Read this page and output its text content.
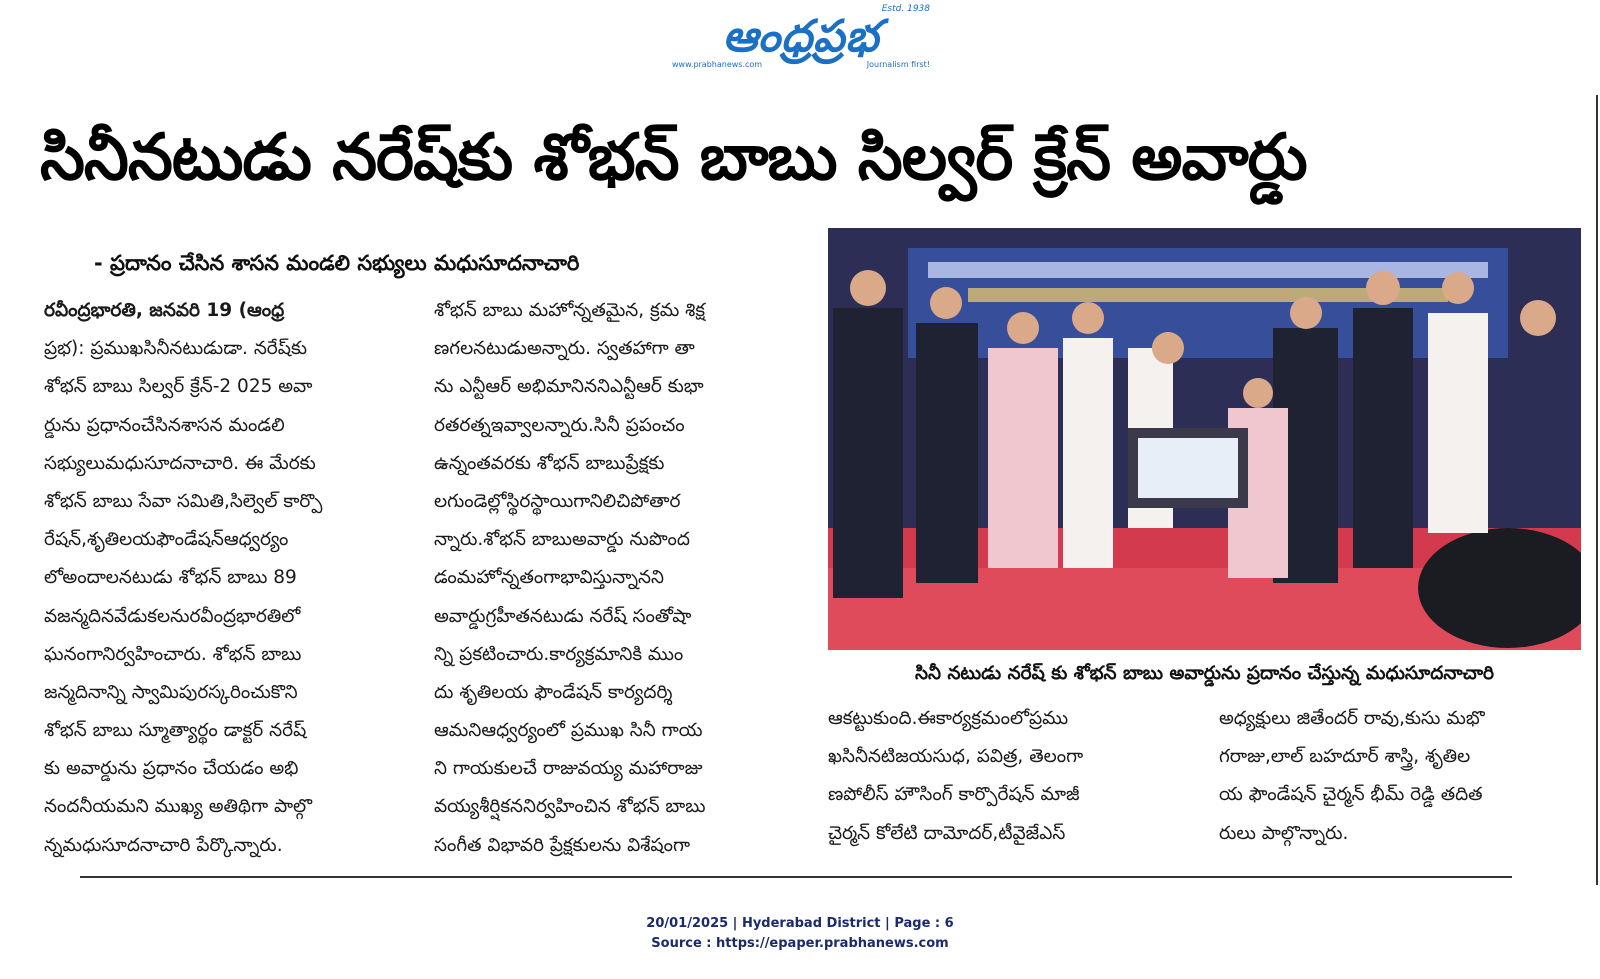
Estd. 1938
ఆంధ్రప్రభ
www.prabhanews.com	Journalism first!
సినీనటుడు నరేష్‌కు శోభన్ బాబు సిల్వర్ క్రేన్ అవార్డు
- ప్రదానం చేసిన శాసన మండలి సభ్యులు మధుసూదనాచారి
రవీంద్రభారతి, జనవరి 19 (ఆంధ్ర
ప్రభ): ప్రముఖసినీనటుడుడా. నరేష్‌కు
శోభన్ బాబు సిల్వర్ క్రేన్-2 025 అవా
ర్డును ప్రధానంచేసినశాసన మండలి
సభ్యులుమధుసూదనాచారి. ఈ మేరకు
శోభన్ బాబు సేవా సమితి,సిల్వెల్ కార్పొ
రేషన్,శృతిలయఫౌండేషన్‌ఆధ్వర్యం
లోఅందాలనటుడు శోభన్ బాబు 89
వజన్మదినవేడుకలనురవీంద్రభారతిలో
ఘనంగానిర్వహించారు. శోభన్ బాబు
జన్మదినాన్ని స్వామిపురస్కరించుకొని
శోభన్ బాబు స్మూత్యార్థం డాక్టర్ నరేష్
కు అవార్డును ప్రధానం చేయడం అభి
నందనీయమని ముఖ్య అతిథిగా పాల్గొ
న్నమధుసూదనాచారి పేర్కొన్నారు.
శోభన్ బాబు మహోన్నతమైన, క్రమ శిక్ష
ణగలనటుడుఅన్నారు. స్వతహాగా తా
ను ఎన్టీఆర్ అభిమానిననిఎన్టీఆర్ కుభా
రతరత్నఇవ్వాలన్నారు.సినీ ప్రపంచం
ఉన్నంతవరకు శోభన్ బాబుప్రేక్షకు
లగుండెల్లోస్థిరస్థాయిగానిలిచిపోతార
న్నారు.శోభన్ బాబుఅవార్డు నుపొంద
డంమహోన్నతంగాభావిస్తున్నానని
అవార్డుగ్రహీతనటుడు నరేష్ సంతోషా
న్ని ప్రకటించారు.కార్యక్రమానికి ముం
దు శృతిలయ ఫౌండేషన్ కార్యదర్శి
ఆమనిఆధ్వర్యంలో ప్రముఖ సినీ గాయ
ని గాయకులచే రాజువయ్య మహారాజు
వయ్యశీర్షికననిర్వహించిన శోభన్ బాబు
సంగీత విభావరి ప్రేక్షకులను విశేషంగా
సినీ నటుడు నరేష్ కు శోభన్ బాబు అవార్డును ప్రదానం చేస్తున్న మధుసూదనాచారి
ఆకట్టుకుంది.ఈకార్యక్రమంలోప్రము
ఖసినీనటిజయసుధ, పవిత్ర, తెలంగా
ణపోలీస్ హౌసింగ్ కార్పొరేషన్ మాజీ
చైర్మన్ కోలేటి దామోదర్,టీవైజేఎస్
అధ్యక్షులు జితేందర్ రావు,కుసు మభొ
గరాజు,లాల్ బహదూర్ శాస్త్రి, శృతిల
య ఫౌండేషన్ చైర్మన్ భీమ్ రెడ్డి తదిత
రులు పాల్గొన్నారు.
20/01/2025 | Hyderabad District | Page : 6
Source : https://epaper.prabhanews.com
